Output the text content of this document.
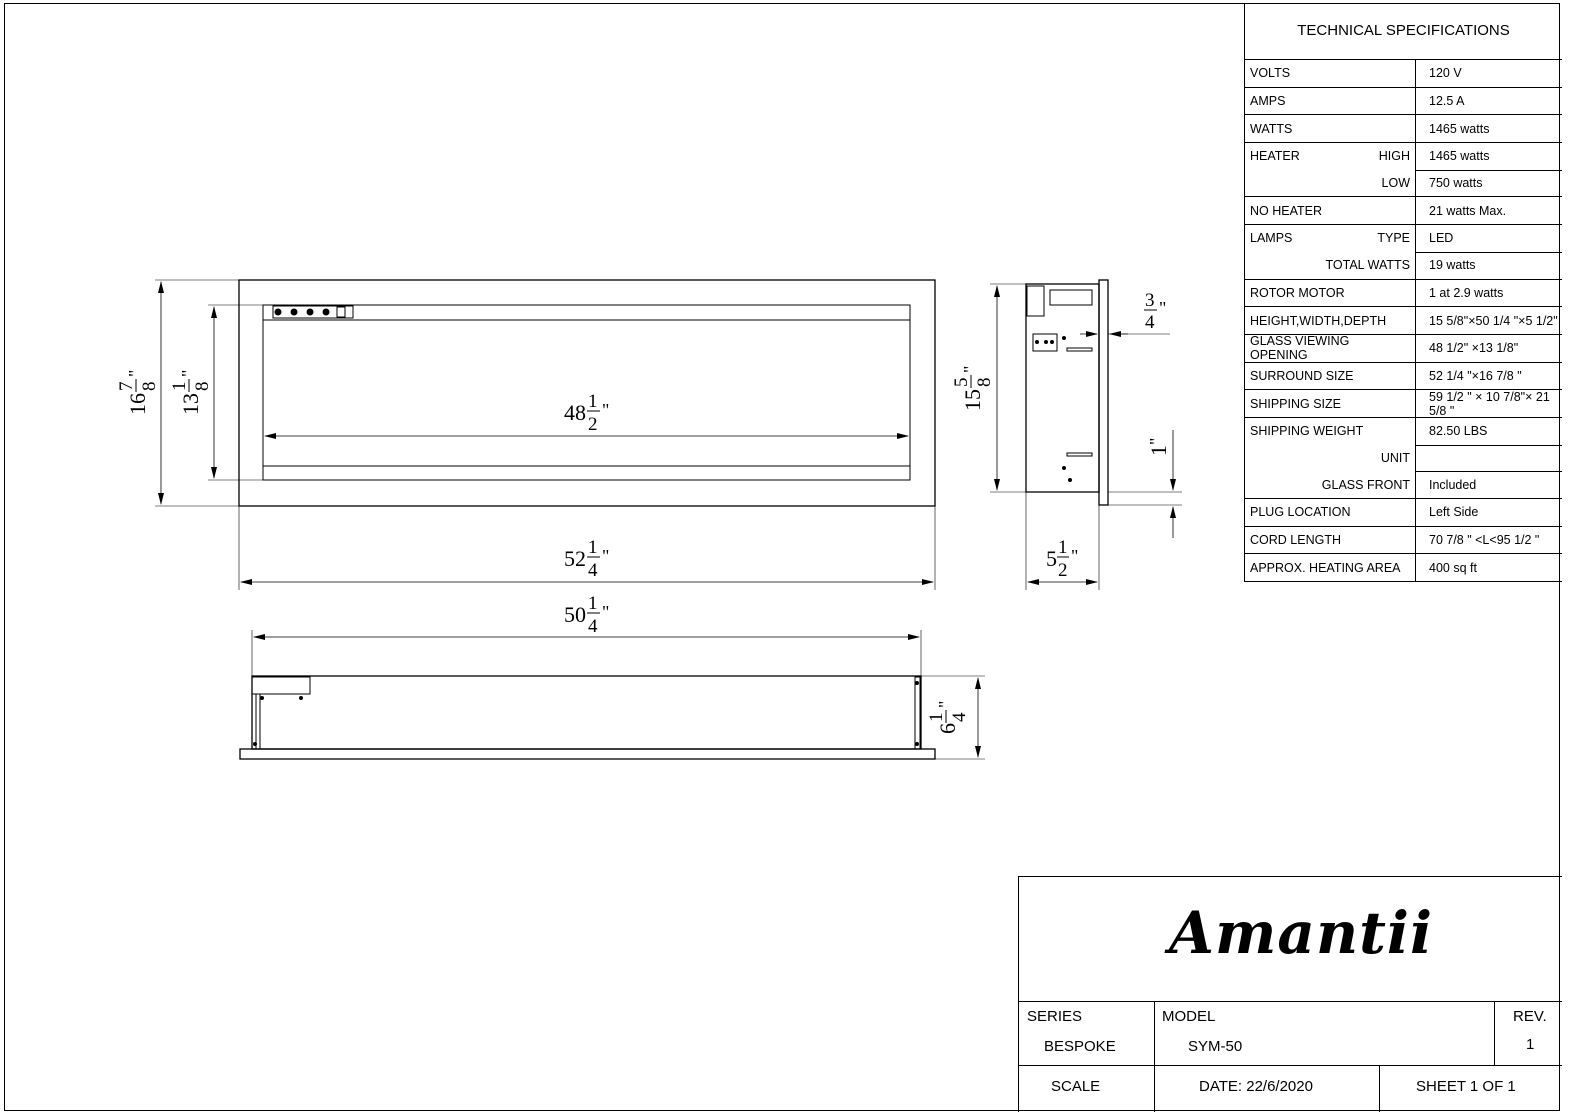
48 1
2
"
52 1
4
"
50 1
4
"
5 1
2
"
3
4
"
16
7 8
"
13
1 8
"
15
5 8
"
6
1 4
"
1
"
TECHNICAL SPECIFICATIONS
VOLTS	120 V
AMPS	12.5 A
WATTS	1465 watts
HEATER	HIGH	1465 watts
LOW	750 watts
NO HEATER	21 watts Max.
LAMPS	TYPE	LED
TOTAL WATTS	19 watts
ROTOR MOTOR	1 at 2.9 watts
HEIGHT,WIDTH,DEPTH	15 5/8"×50 1/4 "×5 1/2"
GLASS VIEWING OPENING	48 1/2" ×13 1/8"
SURROUND SIZE	52 1/4 "×16 7/8 "
SHIPPING SIZE	59 1/2 " × 10 7/8"× 21 5/8 "
SHIPPING WEIGHT	82.50 LBS
UNIT
GLASS FRONT	Included
PLUG LOCATION	Left Side
CORD LENGTH	70 7/8 " <L<95 1/2 "
APPROX. HEATING AREA	400 sq ft
Amantii
SERIES
BESPOKE
MODEL
SYM-50
REV.
1
SCALE	DATE: 22/6/2020	SHEET 1 OF 1
